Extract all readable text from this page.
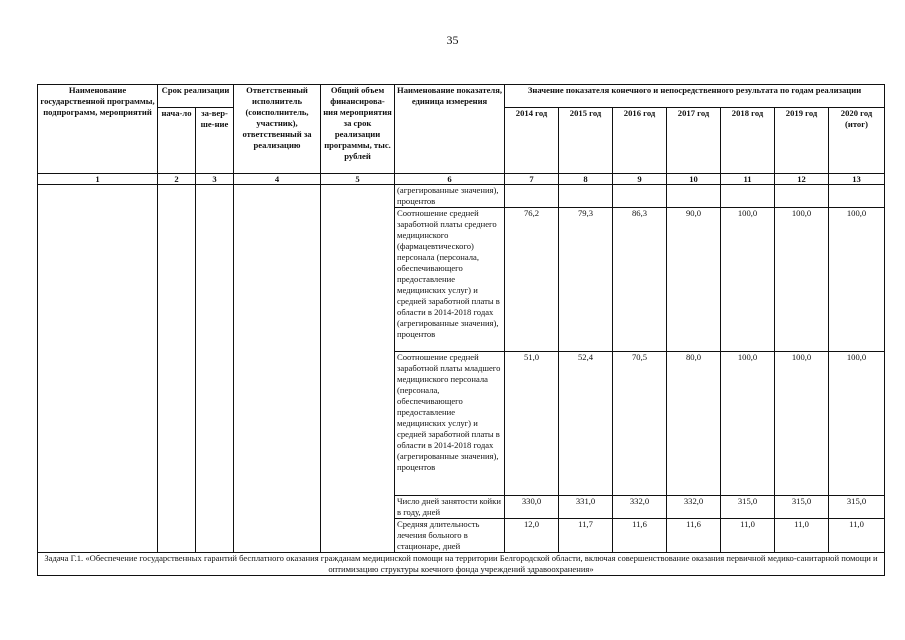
35
Наименование государственной программы, подпрограмм, мероприятий	Срок реализации		Ответственный исполнитель (соисполнитель, участник), ответственный за реализацию	Общий объем финансирова-ния мероприятия за срок реализации программы, тыс. рублей	Наименование показателя, единица измерения	Значение показателя конечного и непосредственного результата по годам реализации						
	нача-ло	за-вер-ше-ние				2014 год	2015 год	2016 год	2017 год	2018 год	2019 год	2020 год (итог)
1	2	3	4	5	6	7	8	9	10	11	12	13
					(агрегированные значения), процентов							
					Соотношение средней заработной платы среднего медицинского (фармацевтического) персонала (персонала, обеспечивающего предоставление медицинских услуг) и средней заработной платы в области в 2014-2018 годах (агрегированные значения), процентов	76,2	79,3	86,3	90,0	100,0	100,0	100,0
					Соотношение средней заработной платы младшего медицинского персонала (персонала, обеспечивающего предоставление медицинских услуг) и средней заработной платы в области в 2014-2018 годах (агрегированные значения), процентов	51,0	52,4	70,5	80,0	100,0	100,0	100,0
					Число дней занятости койки в году, дней	330,0	331,0	332,0	332,0	315,0	315,0	315,0
					Средняя длительность лечения больного в стационаре, дней	12,0	11,7	11,6	11,6	11,0	11,0	11,0
Задача Г.1. «Обеспечение государственных гарантий бесплатного оказания гражданам медицинской помощи на территории Белгородской области, включая совершенствование оказания первичной медико-санитарной помощи и оптимизацию структуры коечного фонда учреждений здравоохранения»												
